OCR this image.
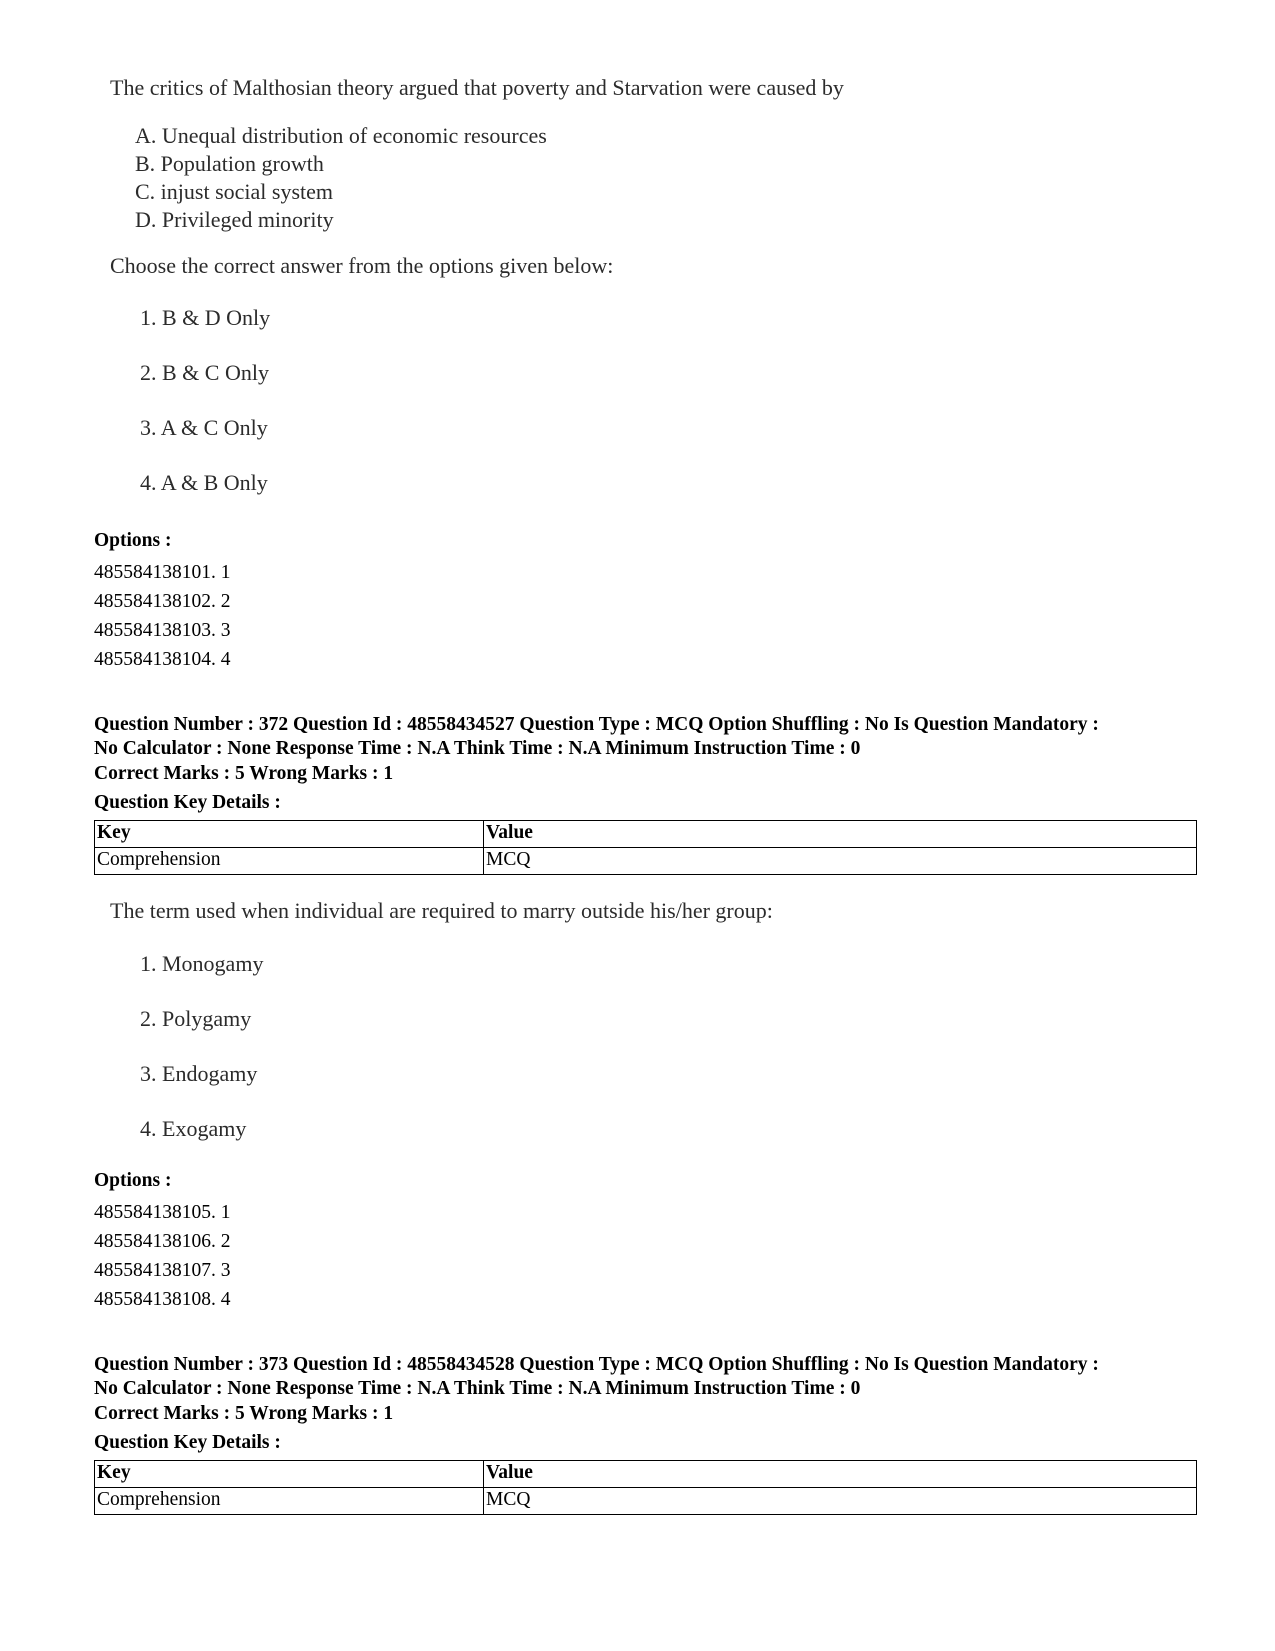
The critics of Malthosian theory argued that poverty and Starvation were caused by
A. Unequal distribution of economic resources
B. Population growth
C. injust social system
D. Privileged minority
Choose the correct answer from the options given below:
1. B & D Only
2. B & C Only
3. A & C Only
4. A & B Only
Options :
485584138101. 1
485584138102. 2
485584138103. 3
485584138104. 4
Question Number : 372 Question Id : 48558434527 Question Type : MCQ Option Shuffling : No Is Question Mandatory :
No Calculator : None Response Time : N.A Think Time : N.A Minimum Instruction Time : 0
Correct Marks : 5 Wrong Marks : 1
Question Key Details :
Key	Value
Comprehension	MCQ
The term used when individual are required to marry outside his/her group:
1. Monogamy
2. Polygamy
3. Endogamy
4. Exogamy
Options :
485584138105. 1
485584138106. 2
485584138107. 3
485584138108. 4
Question Number : 373 Question Id : 48558434528 Question Type : MCQ Option Shuffling : No Is Question Mandatory :
No Calculator : None Response Time : N.A Think Time : N.A Minimum Instruction Time : 0
Correct Marks : 5 Wrong Marks : 1
Question Key Details :
Key	Value
Comprehension	MCQ
